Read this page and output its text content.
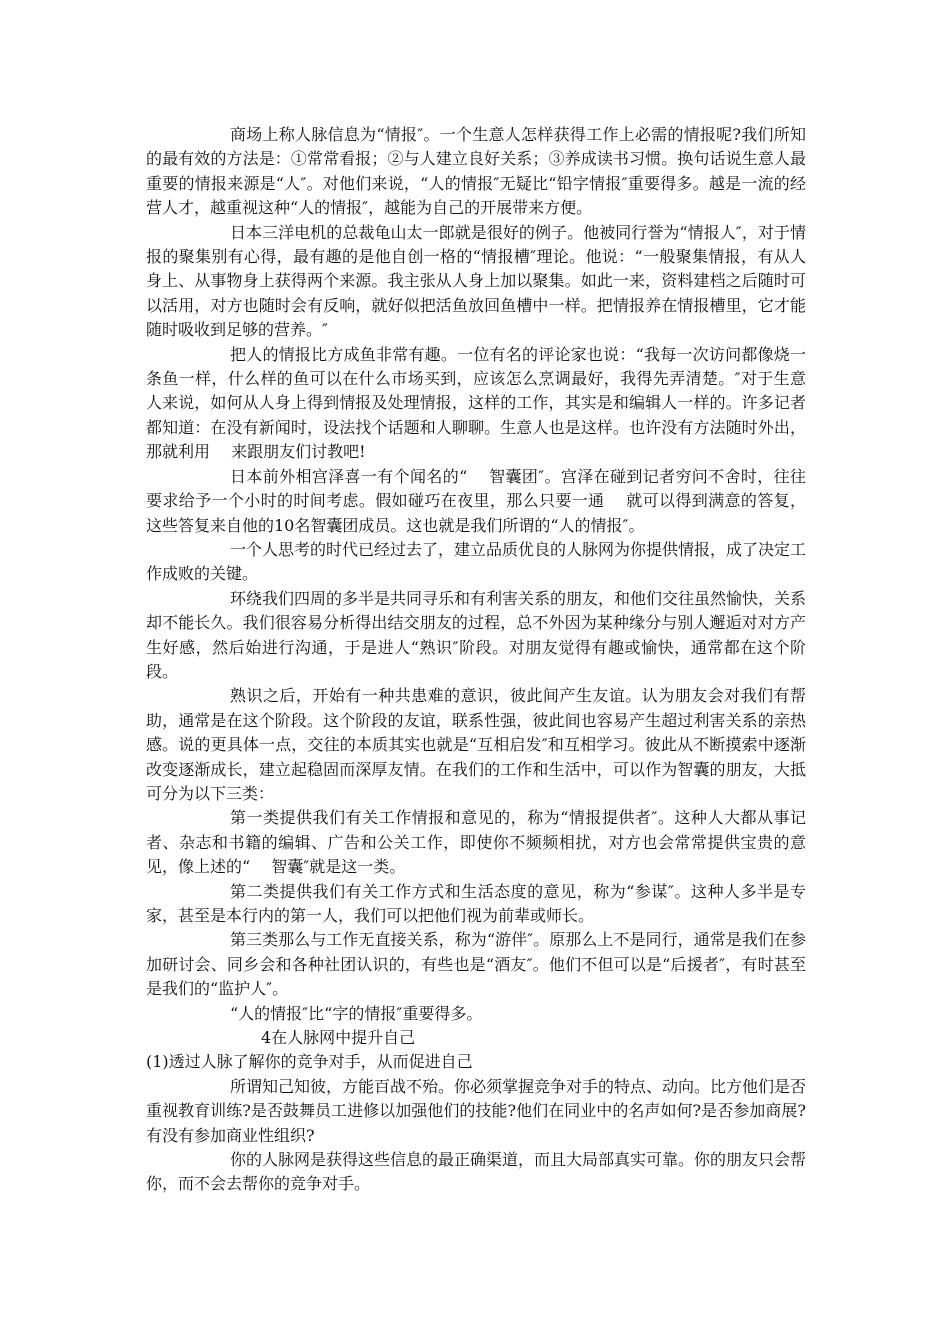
商场上称人脉信息为“情报″。一个生意人怎样获得工作上必需的情报呢?我们所知的最有效的方法是：①常常看报；②与人建立良好关系；③养成读书习惯。换句话说生意人最重要的情报来源是“人″。对他们来说，“人的情报″无疑比“铅字情报″重要得多。越是一流的经营人才，越重视这种“人的情报″，越能为自己的开展带来方便。

日本三洋电机的总裁龟山太一郎就是很好的例子。他被同行誉为“情报人″，对于情报的聚集别有心得，最有趣的是他自创一格的“情报槽″理论。他说：“一般聚集情报，有从人身上、从事物身上获得两个来源。我主张从人身上加以聚集。如此一来，资料建档之后随时可以活用，对方也随时会有反响，就好似把活鱼放回鱼槽中一样。把情报养在情报槽里，它才能随时吸收到足够的营养。″

把人的情报比方成鱼非常有趣。一位有名的评论家也说：“我每一次访问都像烧一条鱼一样，什么样的鱼可以在什么市场买到，应该怎么烹调最好，我得先弄清楚。″对于生意人来说，如何从人身上得到情报及处理情报，这样的工作，其实是和编辑人一样的。许多记者都知道：在没有新闻时，设法找个话题和人聊聊。生意人也是这样。也许没有方法随时外出，那就利用 　来跟朋友们讨教吧!

日本前外相宫泽喜一有个闻名的“ 　智囊团″。宫泽在碰到记者穷问不舍时，往往要求给予一个小时的时间考虑。假如碰巧在夜里，那么只要一通 　就可以得到满意的答复，这些答复来自他的10名智囊团成员。这也就是我们所谓的“人的情报″。

一个人思考的时代已经过去了，建立品质优良的人脉网为你提供情报，成了决定工作成败的关键。

环绕我们四周的多半是共同寻乐和有利害关系的朋友，和他们交往虽然愉快，关系却不能长久。我们很容易分析得出结交朋友的过程，总不外因为某种缘分与别人邂逅对对方产生好感，然后始进行沟通，于是进人“熟识″阶段。对朋友觉得有趣或愉快，通常都在这个阶段。

熟识之后，开始有一种共患难的意识，彼此间产生友谊。认为朋友会对我们有帮助，通常是在这个阶段。这个阶段的友谊，联系性强，彼此间也容易产生超过利害关系的亲热感。说的更具体一点，交往的本质其实也就是“互相启发″和互相学习。彼此从不断摸索中逐渐改变逐渐成长，建立起稳固而深厚友情。在我们的工作和生活中，可以作为智囊的朋友，大抵可分为以下三类：

第一类提供我们有关工作情报和意见的，称为“情报提供者″。这种人大都从事记者、杂志和书籍的编辑、广告和公关工作，即使你不频频相扰，对方也会常常提供宝贵的意见，像上述的“ 　智囊″就是这一类。

第二类提供我们有关工作方式和生活态度的意见，称为“参谋″。这种人多半是专家，甚至是本行内的第一人，我们可以把他们视为前辈或师长。

第三类那么与工作无直接关系，称为“游伴″。原那么上不是同行，通常是我们在参加研讨会、同乡会和各种社团认识的，有些也是“酒友″。他们不但可以是“后援者″，有时甚至是我们的“监护人″。

“人的情报″比“字的情报″重要得多。

4在人脉网中提升自己

(1)透过人脉了解你的竞争对手，从而促进自己

所谓知己知彼，方能百战不殆。你必须掌握竞争对手的特点、动向。比方他们是否重视教育训练?是否鼓舞员工进修以加强他们的技能?他们在同业中的名声如何?是否参加商展?有没有参加商业性组织?

你的人脉网是获得这些信息的最正确渠道，而且大局部真实可靠。你的朋友只会帮你，而不会去帮你的竞争对手。
